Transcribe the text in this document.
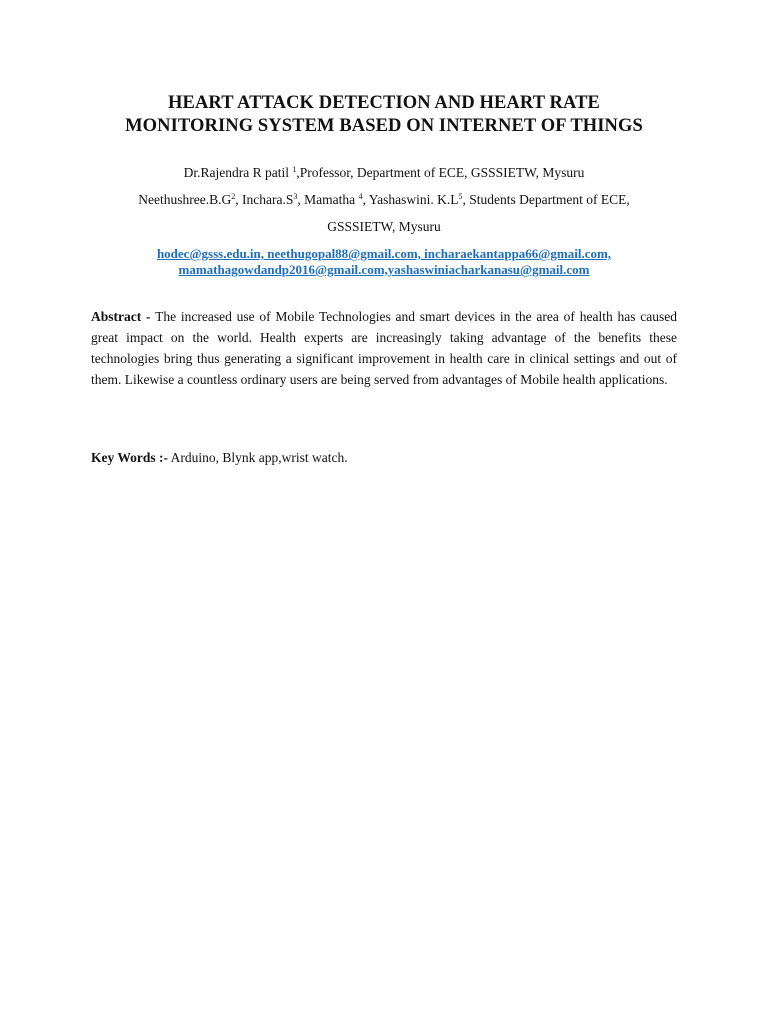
HEART ATTACK DETECTION AND HEART RATE
MONITORING SYSTEM BASED ON INTERNET OF THINGS
Dr.Rajendra R patil $^1$,Professor, Department of ECE, GSSSIETW, Mysuru
$Neethushree.B.G^2$, $Inchara.S^3$, Mamatha $^4$, Yashaswini. $K.L^5$, Students Department of ECE,
GSSSIETW, Mysuru
hodec@gsss.edu.in, neethugopal88@gmail.com, incharaekantappa66@gmail.com,
mamathagowdandp2016@gmail.com,yashaswiniacharkanasu@gmail.com
Abstract - The increased use of Mobile Technologies and smart devices in the area of health has caused great impact on the world. Health experts are increasingly taking advantage of the benefits these technologies bring thus generating a significant improvement in health care in clinical settings and out of them. Likewise a countless ordinary users are being served from advantages of Mobile health applications.
Key Words :- Arduino, Blynk app,wrist watch.
